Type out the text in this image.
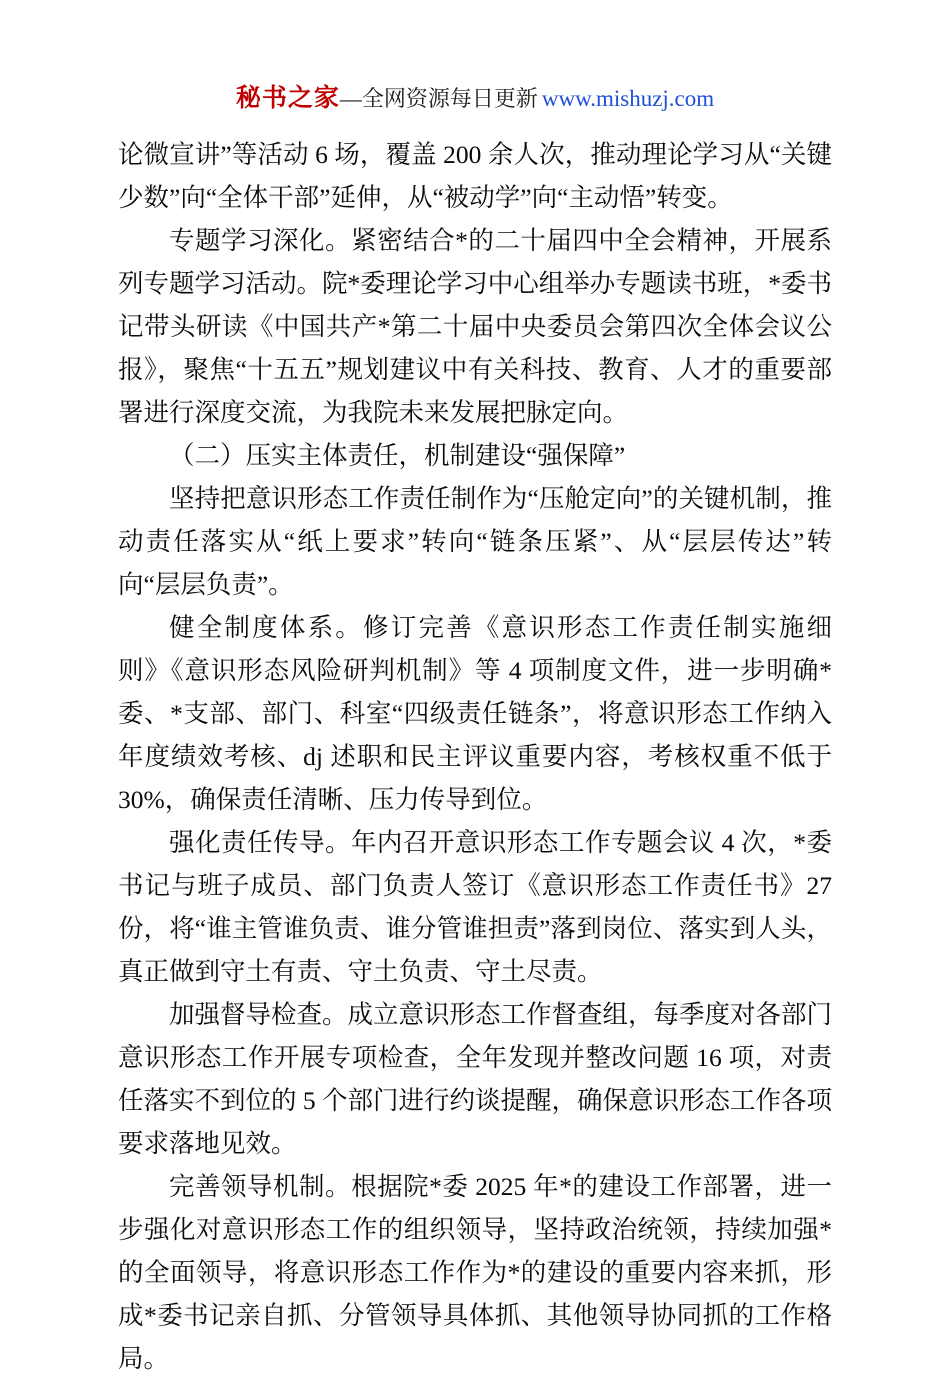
秘书之家—全网资源每日更新 www.mishuzj.com

论微宣讲”等活动 6 场，覆盖 200 余人次，推动理论学习从“关键少数”向“全体干部”延伸，从“被动学”向“主动悟”转变。

专题学习深化。紧密结合*的二十届四中全会精神，开展系列专题学习活动。院*委理论学习中心组举办专题读书班，*委书记带头研读《中国共产*第二十届中央委员会第四次全体会议公报》，聚焦“十五五”规划建议中有关科技、教育、人才的重要部署进行深度交流，为我院未来发展把脉定向。

（二）压实主体责任，机制建设“强保障”

坚持把意识形态工作责任制作为“压舱定向”的关键机制，推动责任落实从“纸上要求”转向“链条压紧”、从“层层传达”转向“层层负责”。

健全制度体系。修订完善《意识形态工作责任制实施细则》《意识形态风险研判机制》等 4 项制度文件，进一步明确*委、*支部、部门、科室“四级责任链条”，将意识形态工作纳入年度绩效考核、dj 述职和民主评议重要内容，考核权重不低于 30%，确保责任清晰、压力传导到位。

强化责任传导。年内召开意识形态工作专题会议 4 次，*委书记与班子成员、部门负责人签订《意识形态工作责任书》27 份，将“谁主管谁负责、谁分管谁担责”落到岗位、落实到人头，真正做到守土有责、守土负责、守土尽责。

加强督导检查。成立意识形态工作督查组，每季度对各部门意识形态工作开展专项检查，全年发现并整改问题 16 项，对责任落实不到位的 5 个部门进行约谈提醒，确保意识形态工作各项要求落地见效。

完善领导机制。根据院*委 2025 年*的建设工作部署，进一步强化对意识形态工作的组织领导，坚持政治统领，持续加强*的全面领导，将意识形态工作作为*的建设的重要内容来抓，形成*委书记亲自抓、分管领导具体抓、其他领导协同抓的工作格局。
